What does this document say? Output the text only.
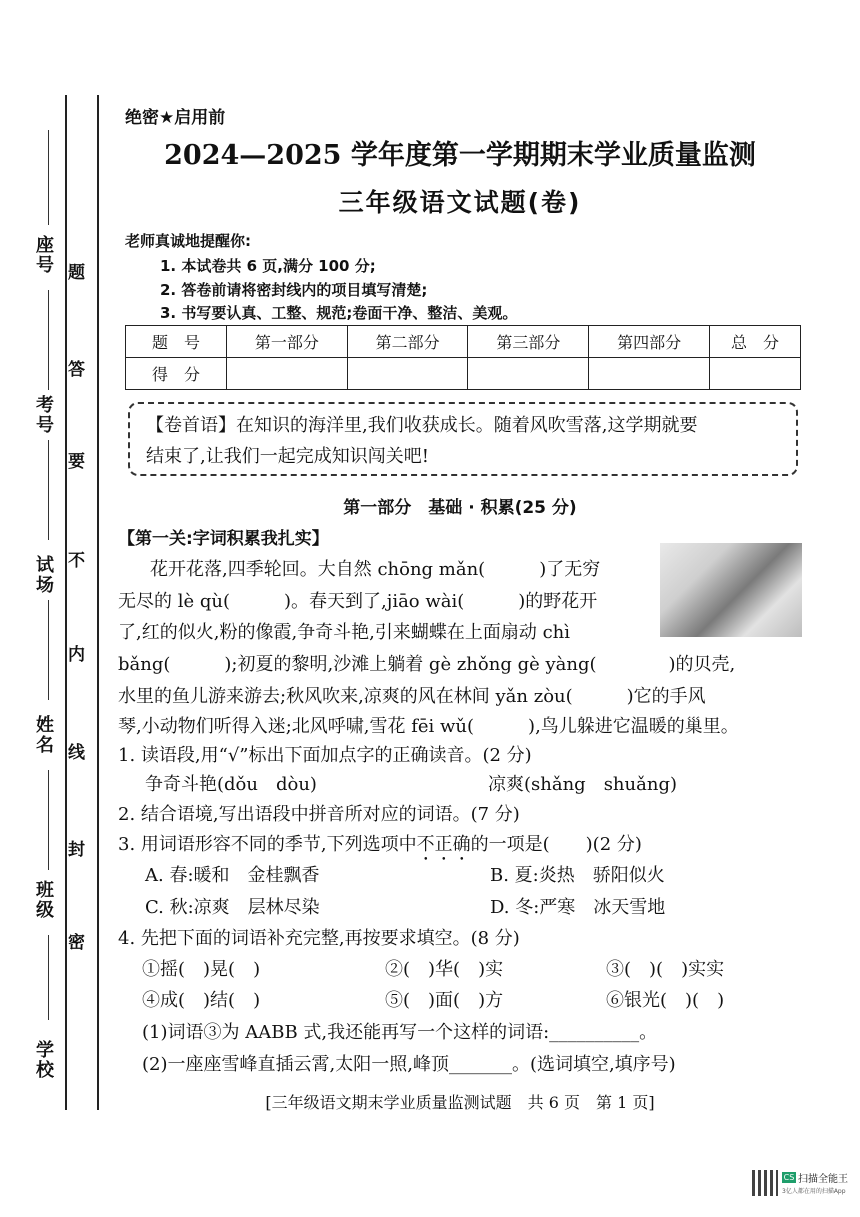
座号
考号
试场
姓名
班级
学校
题
答
要
不
内
线
封
密
绝密★启用前
2024—2025 学年度第一学期期末学业质量监测
三年级语文试题(卷)
老师真诚地提醒你:
1. 本试卷共 6 页,满分 100 分;
2. 答卷前请将密封线内的项目填写清楚;
3. 书写要认真、工整、规范;卷面干净、整洁、美观。
题　号	第一部分	第二部分	第三部分	第四部分	总　分
得　分					
【卷首语】在知识的海洋里,我们收获成长。随着风吹雪落,这学期就要
结束了,让我们一起完成知识闯关吧!
第一部分　基础 · 积累(25 分)
【第一关:字词积累我扎实】
花开花落,四季轮回。大自然 chōng mǎn(　　　)了无穷
无尽的 lè qù(　　　)。春天到了,jiāo wài(　　　)的野花开
了,红的似火,粉的像霞,争奇斗艳,引来蝴蝶在上面扇动 chì
bǎng(　　　);初夏的黎明,沙滩上躺着 gè zhǒng gè yàng(　　　　)的贝壳,
水里的鱼儿游来游去;秋风吹来,凉爽的风在林间 yǎn zòu(　　　)它的手风
琴,小动物们听得入迷;北风呼啸,雪花 fēi wǔ(　　　),鸟儿躲进它温暖的巢里。
1. 读语段,用“√”标出下面加点字的正确读音。(2 分)
争奇斗艳(dǒu　dòu)	凉爽(shǎng　shuǎng)
2. 结合语境,写出语段中拼音所对应的词语。(7 分)
3. 用词语形容不同的季节,下列选项中不正确的一项是(　　)(2 分)
A. 春:暖和　金桂飘香	B. 夏:炎热　骄阳似火
C. 秋:凉爽　层林尽染	D. 冬:严寒　冰天雪地
4. 先把下面的词语补充完整,再按要求填空。(8 分)
①摇(　)晃(　)	②(　)华(　)实	③(　)(　)实实
④成(　)结(　)	⑤(　)面(　)方	⑥银光(　)(　)
(1)词语③为 AABB 式,我还能再写一个这样的词语:__________。
(2)一座座雪峰直插云霄,太阳一照,峰顶_______。(选词填空,填序号)
[三年级语文期末学业质量监测试题　共 6 页　第 1 页]
CS 扫描全能王
3亿人都在用的扫描App
